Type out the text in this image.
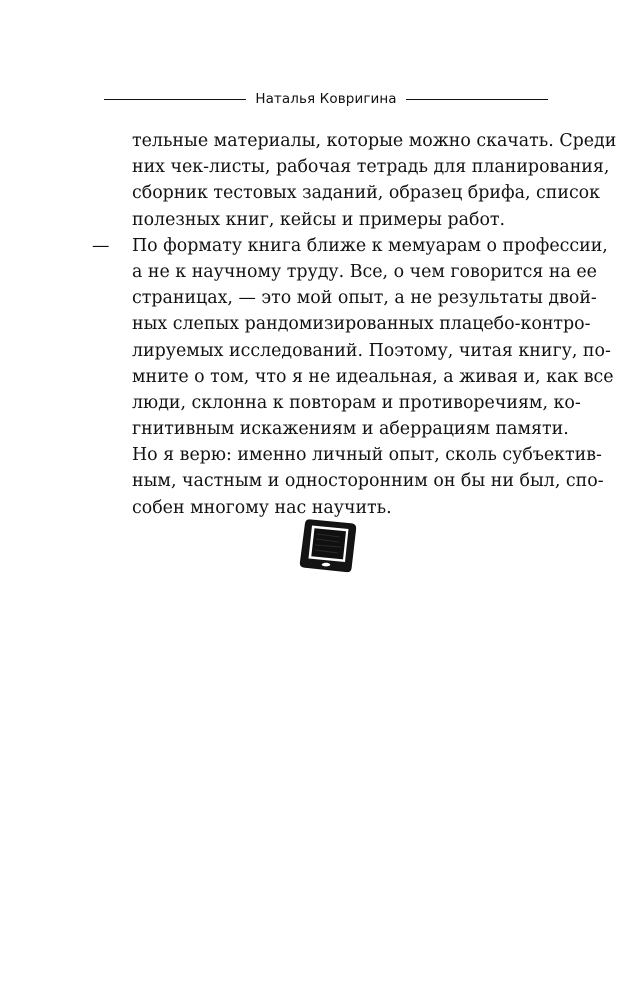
Наталья Ковригина
тельные материалы, которые можно скачать. Среди
них чек-листы, рабочая тетрадь для планирования,
сборник тестовых заданий, образец брифа, список
полезных книг, кейсы и примеры работ.
— По формату книга ближе к мемуарам о профессии,
а не к научному труду. Все, о чем говорится на ее
страницах, — это мой опыт, а не результаты двой-
ных слепых рандомизированных плацебо-контро-
лируемых исследований. Поэтому, читая книгу, по-
мните о том, что я не идеальная, а живая и, как все
люди, склонна к повторам и противоречиям, ко-
гнитивным искажениям и аберрациям памяти.
Но я верю: именно личный опыт, сколь субъектив-
ным, частным и односторонним он бы ни был, спо-
собен многому нас научить.
